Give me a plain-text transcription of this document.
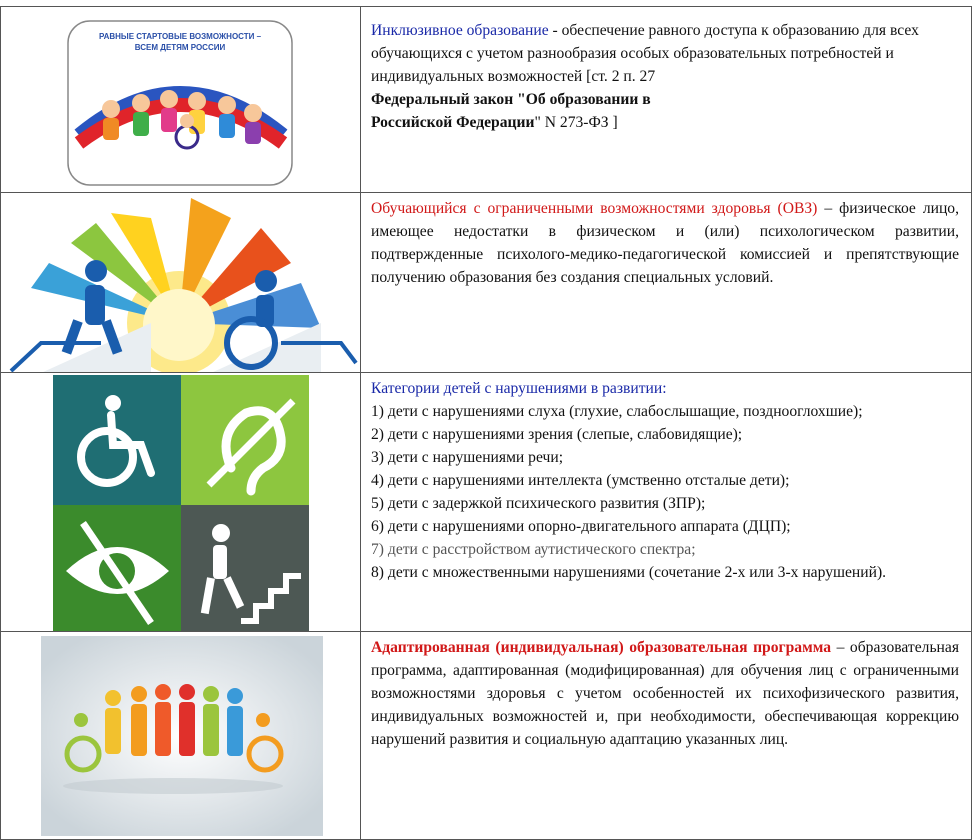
РАВНЫЕ СТАРТОВЫЕ ВОЗМОЖНОСТИ –
ВСЕМ ДЕТЯМ РОССИИ

Инклюзивное образование - обеспечение равного доступа к образованию для всех обучающихся с учетом разнообразия особых образовательных потребностей и индивидуальных возможностей [ст. 2 п. 27

Федеральный закон "Об образовании в

Российской Федерации" N 273-ФЗ ]

Обучающийся с ограниченными возможностями здоровья (ОВЗ) – физическое лицо, имеющее недостатки в физическом и (или) психологическом развитии, подтвержденные психолого-медико-педагогической комиссией и препятствующие получению образования без создания специальных условий.

Категории детей с нарушениями в развитии:

1) дети с нарушениями слуха (глухие, слабослышащие, позднооглохшие);

2) дети с нарушениями зрения (слепые, слабовидящие);

3) дети с нарушениями речи;

4) дети с нарушениями интеллекта (умственно отсталые дети);

5) дети с задержкой психического развития (ЗПР);

6) дети с нарушениями опорно-двигательного аппарата (ДЦП);

7) дети с расстройством аутистического спектра;

8) дети с множественными нарушениями (сочетание 2-х или 3-х нарушений).

Адаптированная (индивидуальная) образовательная программа – образовательная программа, адаптированная (модифицированная) для обучения лиц с ограниченными возможностями здоровья с учетом особенностей их психофизического развития, индивидуальных возможностей и, при необходимости, обеспечивающая коррекцию нарушений развития и социальную адаптацию указанных лиц.
